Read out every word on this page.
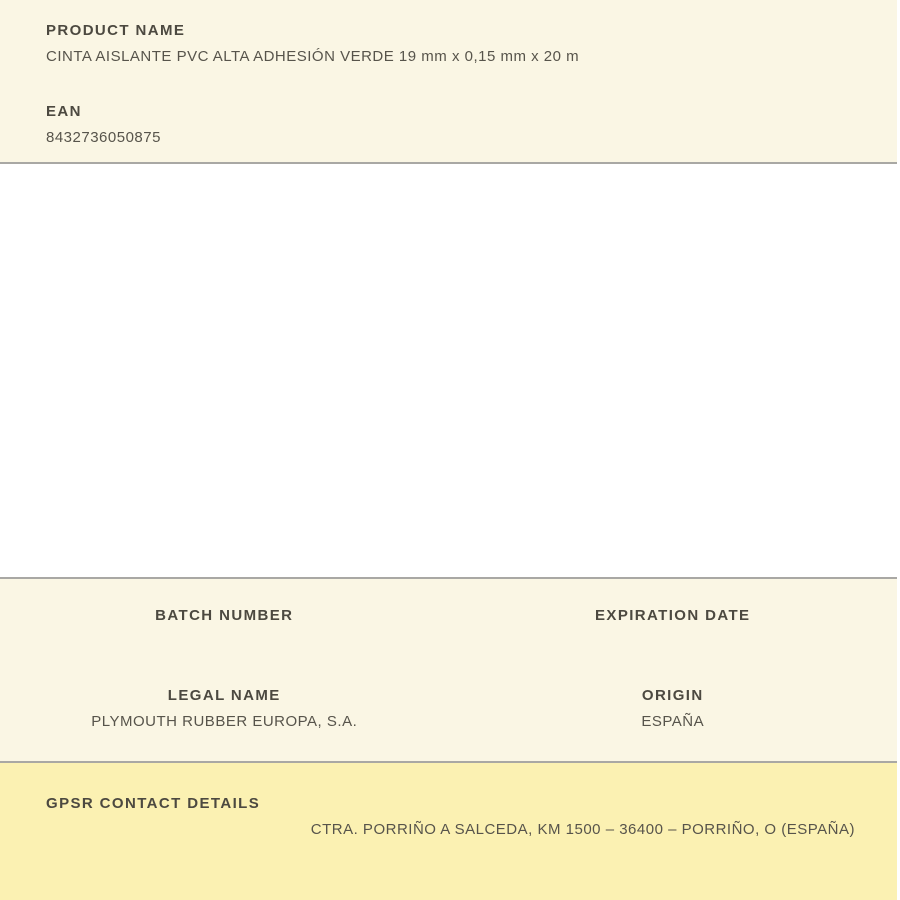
PRODUCT NAME
CINTA AISLANTE PVC ALTA ADHESIÓN VERDE 19 mm x 0,15 mm x 20 m
EAN
8432736050875
BATCH NUMBER	EXPIRATION DATE
LEGAL NAME
PLYMOUTH RUBBER EUROPA, S.A.
ORIGIN
ESPAÑA
GPSR CONTACT DETAILS
CTRA. PORRIÑO A SALCEDA, KM 1500 – 36400 – PORRIÑO, O (ESPAÑA)
